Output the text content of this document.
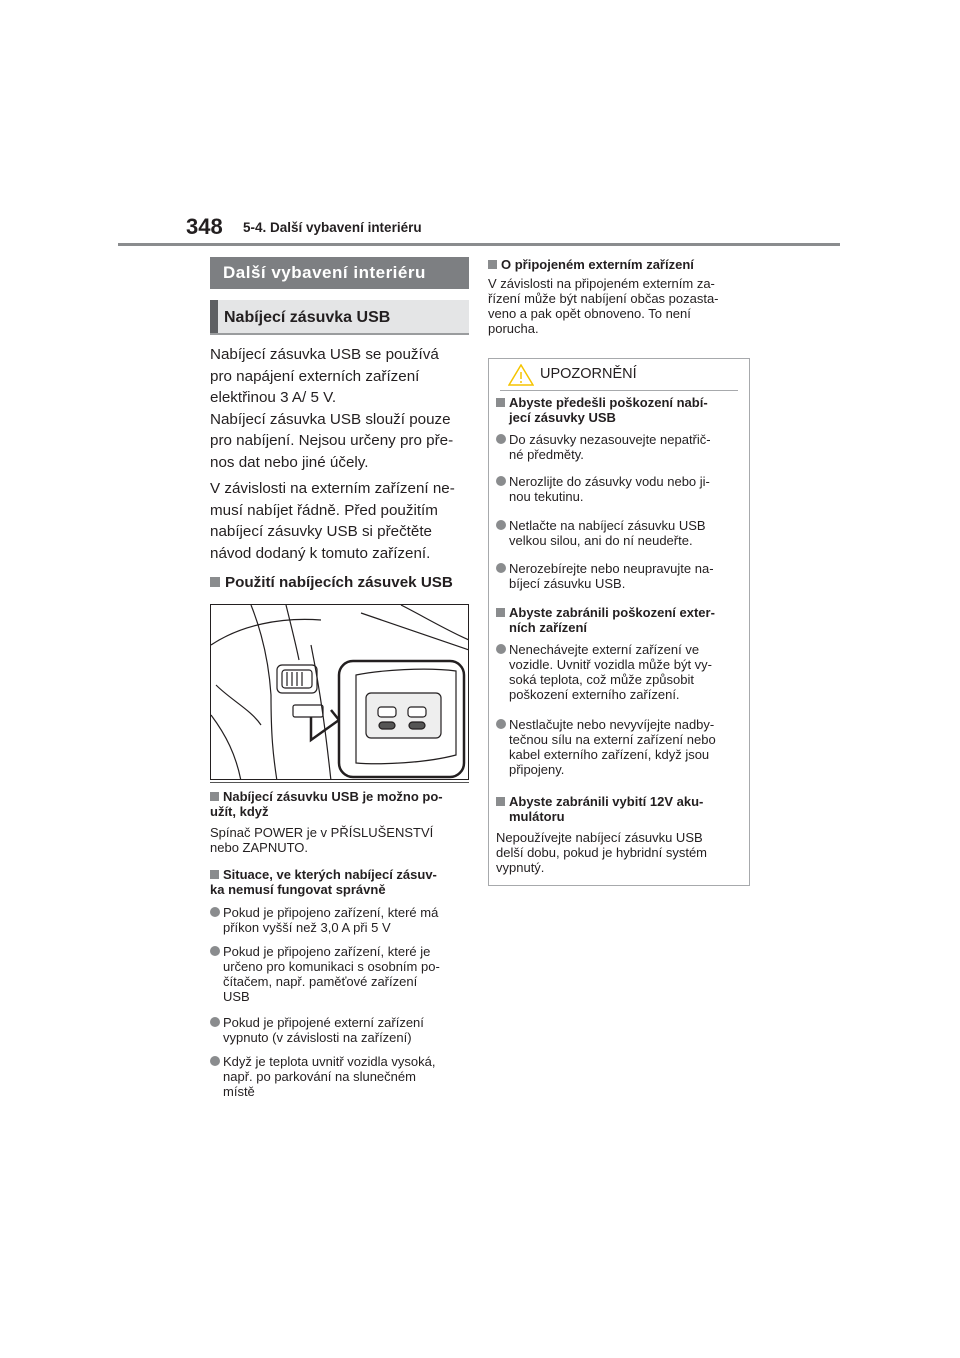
348 5-4. Další vybavení interiéru
Další vybavení interiéru
Nabíjecí zásuvka USB
Nabíjecí zásuvka USB se používá
pro napájení externích zařízení
elektřinou 3 A/ 5 V.
Nabíjecí zásuvka USB slouží pouze
pro nabíjení. Nejsou určeny pro pře-
nos dat nebo jiné účely.
V závislosti na externím zařízení ne-
musí nabíjet řádně. Před použitím
nabíjecí zásuvky USB si přečtěte
návod dodaný k tomuto zařízení.
Použití nabíjecích zásuvek USB
Nabíjecí zásuvku USB je možno po-
užít, když
Spínač POWER je v PŘÍSLUŠENSTVÍ
nebo ZAPNUTO.
Situace, ve kterých nabíjecí zásuv-
ka nemusí fungovat správně
Pokud je připojeno zařízení, které má
příkon vyšší než 3,0 A při 5 V
Pokud je připojeno zařízení, které je
určeno pro komunikaci s osobním po-
čítačem, např. paměťové zařízení
USB
Pokud je připojené externí zařízení
vypnuto (v závislosti na zařízení)
Když je teplota uvnitř vozidla vysoká,
např. po parkování na slunečném
místě
O připojeném externím zařízení
V závislosti na připojeném externím za-
řízení může být nabíjení občas pozasta-
veno a pak opět obnoveno. To není
porucha.
UPOZORNĚNÍ
Abyste předešli poškození nabí-
jecí zásuvky USB
Do zásuvky nezasouvejte nepatřič-
né předměty.
Nerozlijte do zásuvky vodu nebo ji-
nou tekutinu.
Netlačte na nabíjecí zásuvku USB
velkou silou, ani do ní neudeřte.
Nerozebírejte nebo neupravujte na-
bíjecí zásuvku USB.
Abyste zabránili poškození exter-
ních zařízení
Nenechávejte externí zařízení ve
vozidle. Uvnitř vozidla může být vy-
soká teplota, což může způsobit
poškození externího zařízení.
Nestlačujte nebo nevyvíjejte nadby-
tečnou sílu na externí zařízení nebo
kabel externího zařízení, když jsou
připojeny.
Abyste zabránili vybití 12V aku-
mulátoru
Nepoužívejte nabíjecí zásuvku USB
delší dobu, pokud je hybridní systém
vypnutý.
